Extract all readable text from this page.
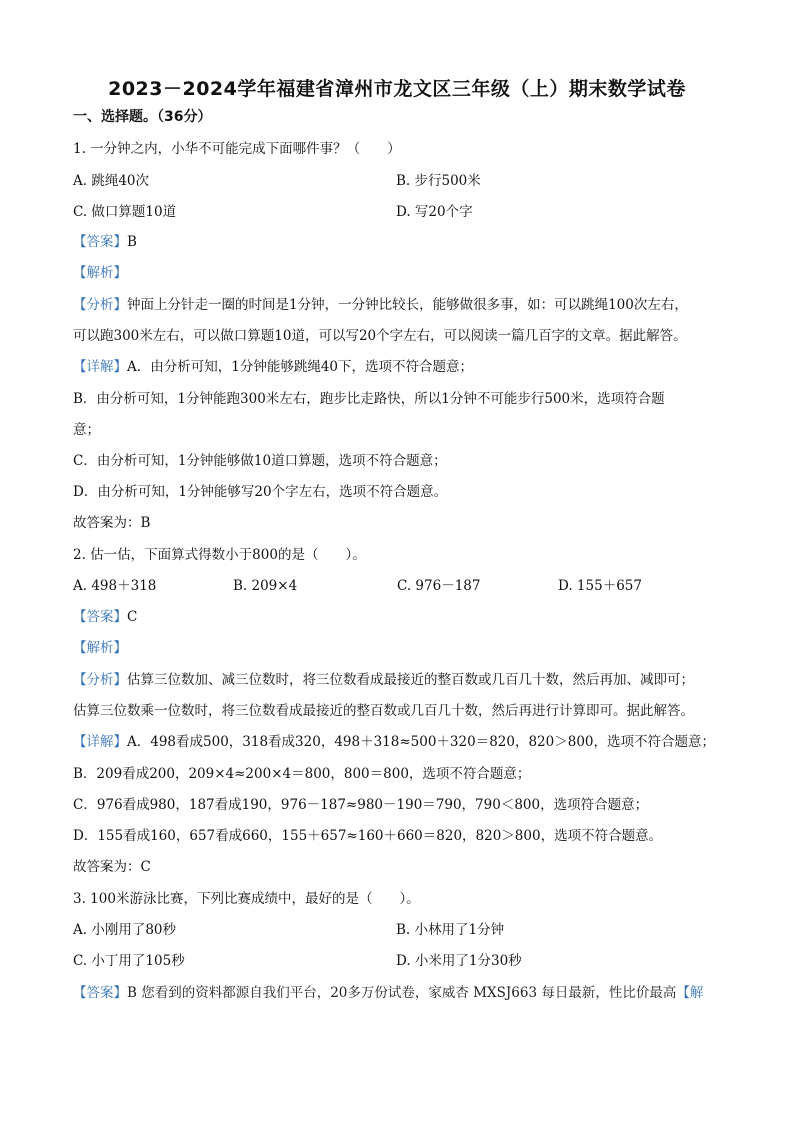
2023－2024学年福建省漳州市龙文区三年级（上）期末数学试卷
一、选择题。（36分）
1. 一分钟之内，小华不可能完成下面哪件事？（　　）
A. 跳绳40次	B. 步行500米
C. 做口算题10道	D. 写20个字
【答案】B
【解析】
【分析】钟面上分针走一圈的时间是1分钟，一分钟比较长，能够做很多事，如：可以跳绳100次左右，
可以跑300米左右，可以做口算题10道，可以写20个字左右，可以阅读一篇几百字的文章。据此解答。
【详解】A．由分析可知，1分钟能够跳绳40下，选项不符合题意；
B．由分析可知，1分钟能跑300米左右，跑步比走路快，所以1分钟不可能步行500米，选项符合题
意；
C．由分析可知，1分钟能够做10道口算题，选项不符合题意；
D．由分析可知，1分钟能够写20个字左右，选项不符合题意。
故答案为：B
2. 估一估，下面算式得数小于800的是（　　）。
A. 498＋318	B. 209×4	C. 976－187	D. 155＋657
【答案】C
【解析】
【分析】估算三位数加、减三位数时，将三位数看成最接近的整百数或几百几十数，然后再加、减即可；
估算三位数乘一位数时，将三位数看成最接近的整百数或几百几十数，然后再进行计算即可。据此解答。
【详解】A．498看成500，318看成320，498＋318≈500＋320＝820，820＞800，选项不符合题意；
B．209看成200，209×4≈200×4＝800，800＝800，选项不符合题意；
C．976看成980，187看成190，976－187≈980－190＝790，790＜800，选项符合题意；
D．155看成160，657看成660，155＋657≈160＋660＝820，820＞800，选项不符合题意。
故答案为：C
3. 100米游泳比赛，下列比赛成绩中，最好的是（　　）。
A. 小刚用了80秒	B. 小林用了1分钟
C. 小丁用了105秒	D. 小米用了1分30秒
【答案】B 您看到的资料都源自我们平台，20多万份试卷，家威杏 MXSJ663 每日最新，性比价最高【解
